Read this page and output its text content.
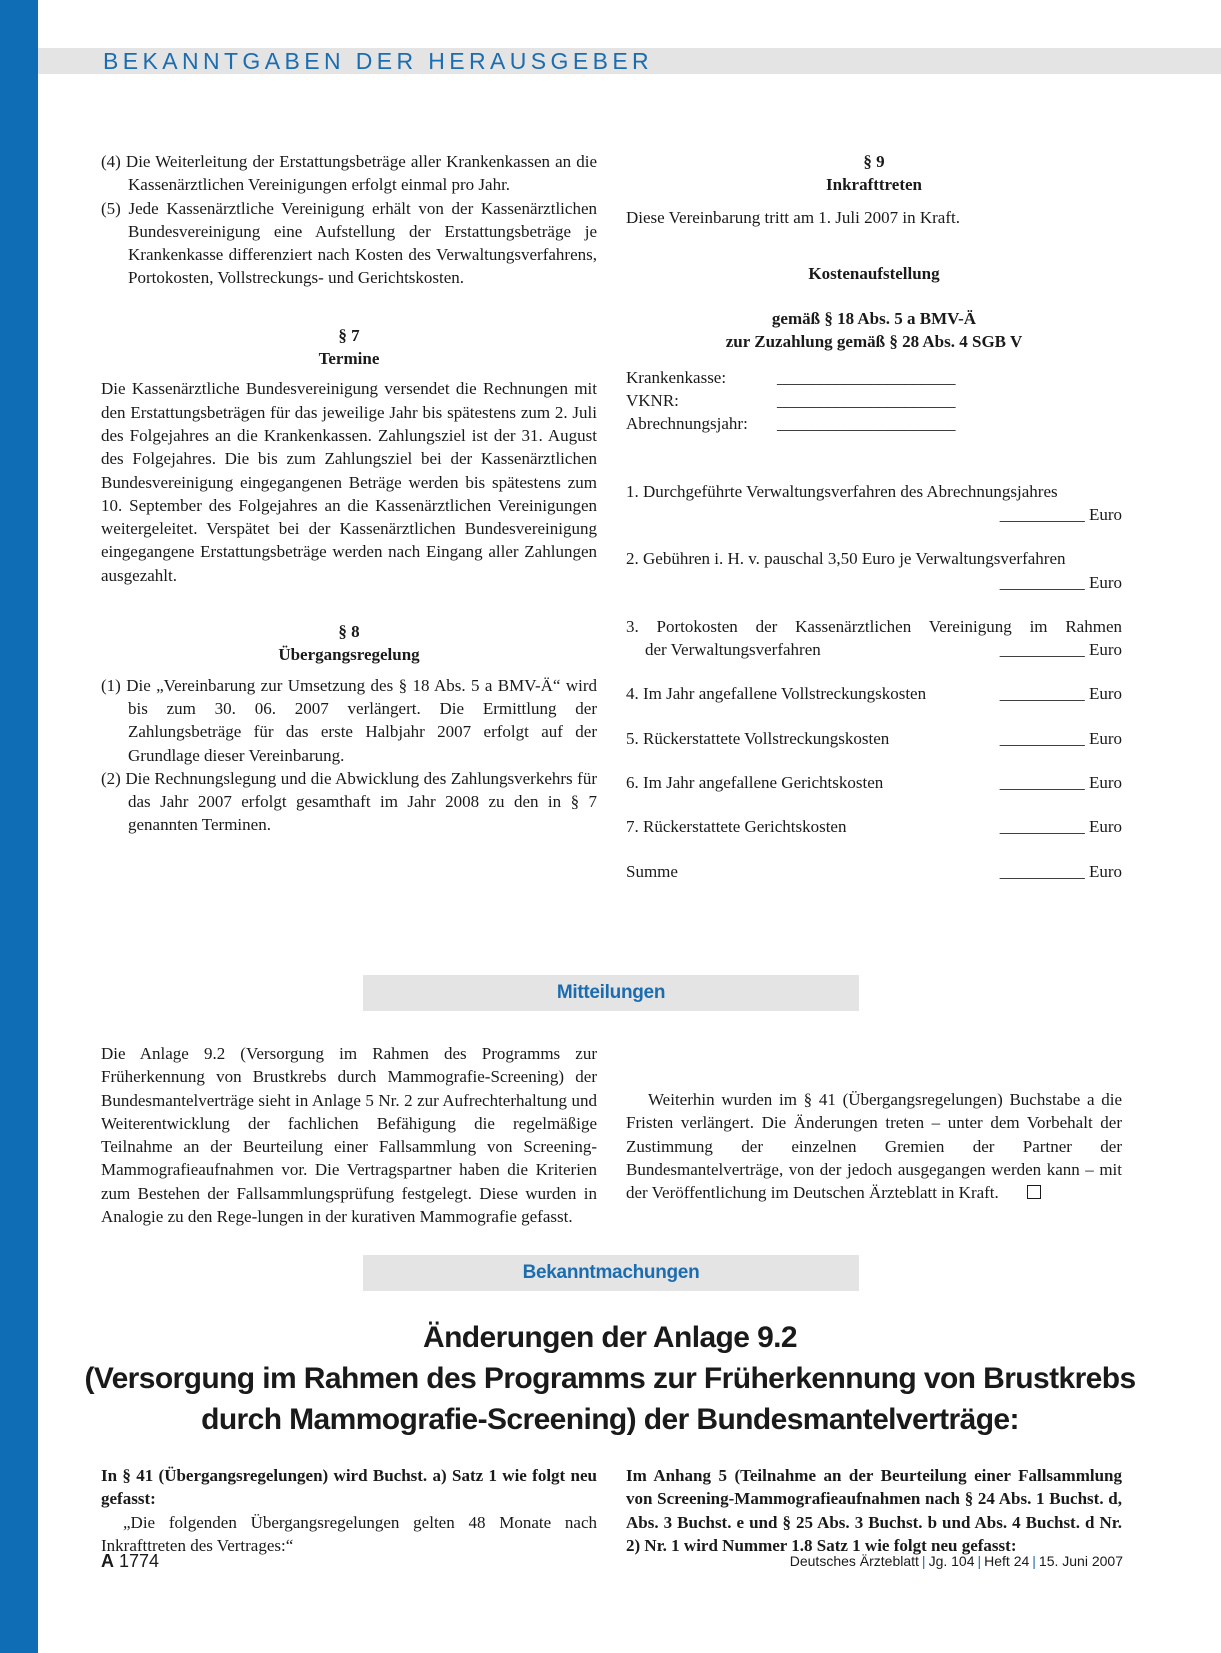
BEKANNTGABEN DER HERAUSGEBER

(4) Die Weiterleitung der Erstattungsbeträge aller Krankenkassen an die Kassenärztlichen Vereinigungen erfolgt einmal pro Jahr.

(5) Jede Kassenärztliche Vereinigung erhält von der Kassenärztlichen Bundesvereinigung eine Aufstellung der Erstattungsbeträge je Krankenkasse differenziert nach Kosten des Verwaltungsverfahrens, Portokosten, Vollstreckungs- und Gerichtskosten.

§ 7

Termine

Die Kassenärztliche Bundesvereinigung versendet die Rechnungen mit den Erstattungsbeträgen für das jeweilige Jahr bis spätestens zum 2. Juli des Folgejahres an die Krankenkassen. Zahlungsziel ist der 31. August des Folgejahres. Die bis zum Zahlungsziel bei der Kassenärztlichen Bundesvereinigung eingegangenen Beträge werden bis spätestens zum 10. September des Folgejahres an die Kassenärztlichen Vereinigungen weitergeleitet. Verspätet bei der Kassenärztlichen Bundesvereinigung eingegangene Erstattungsbeträge werden nach Eingang aller Zahlungen ausgezahlt.

§ 8

Übergangsregelung

(1) Die „Vereinbarung zur Umsetzung des § 18 Abs. 5 a BMV-Ä“ wird bis zum 30. 06. 2007 verlängert. Die Ermittlung der Zahlungsbeträge für das erste Halbjahr 2007 erfolgt auf der Grundlage dieser Vereinbarung.

(2) Die Rechnungslegung und die Abwicklung des Zahlungsverkehrs für das Jahr 2007 erfolgt gesamthaft im Jahr 2008 zu den in § 7 genannten Terminen.

§ 9

Inkrafttreten

Diese Vereinbarung tritt am 1. Juli 2007 in Kraft.

Kostenaufstellung

gemäß § 18 Abs. 5 a BMV-Ä

zur Zuzahlung gemäß § 28 Abs. 4 SGB V

Krankenkasse:	_____________________
VKNR:	_____________________
Abrechnungsjahr:	_____________________

1. Durchgeführte Verwaltungsverfahren des Abrechnungsjahres

__________ Euro

2. Gebühren i. H. v. pauschal 3,50 Euro je Verwaltungsverfahren

__________ Euro

3. Portokosten der Kassenärztlichen Vereinigung im Rahmen

der Verwaltungsverfahren	__________ Euro
4. Im Jahr angefallene Vollstreckungskosten	__________ Euro
5. Rückerstattete Vollstreckungskosten	__________ Euro
6. Im Jahr angefallene Gerichtskosten	__________ Euro
7. Rückerstattete Gerichtskosten	__________ Euro
Summe	__________ Euro
Mitteilungen

Die Anlage 9.2 (Versorgung im Rahmen des Programms zur Früherkennung von Brustkrebs durch Mammografie-Screening) der Bundesmantelverträge sieht in Anlage 5 Nr. 2 zur Aufrechterhaltung und Weiterentwicklung der fachlichen Befähigung die regelmäßige Teilnahme an der Beurteilung einer Fallsammlung von Screening-Mammografieaufnahmen vor. Die Vertragspartner haben die Kriterien zum Bestehen der Fallsammlungsprüfung festgelegt. Diese wurden in Analogie zu den Rege-lungen in der kurativen Mammografie gefasst.

Weiterhin wurden im § 41 (Übergangsregelungen) Buchstabe a die Fristen verlängert. Die Änderungen treten – unter dem Vorbehalt der Zustimmung der einzelnen Gremien der Partner der Bundesmantelverträge, von der jedoch ausgegangen werden kann – mit der Veröffentlichung im Deutschen Ärzteblatt in Kraft.

Bekanntmachungen
Änderungen der Anlage 9.2
(Versorgung im Rahmen des Programms zur Früherkennung von Brustkrebs
durch Mammografie-Screening) der Bundesmantelverträge:

In § 41 (Übergangsregelungen) wird Buchst. a) Satz 1 wie folgt neu gefasst:

„Die folgenden Übergangsregelungen gelten 48 Monate nach Inkrafttreten des Vertrages:“

Im Anhang 5 (Teilnahme an der Beurteilung einer Fallsammlung von Screening-Mammografieaufnahmen nach § 24 Abs. 1 Buchst. d, Abs. 3 Buchst. e und § 25 Abs. 3 Buchst. b und Abs. 4 Buchst. d Nr. 2) Nr. 1 wird Nummer 1.8 Satz 1 wie folgt neu gefasst:

A 1774	Deutsches Ärzteblatt | Jg. 104 | Heft 24 | 15. Juni 2007
